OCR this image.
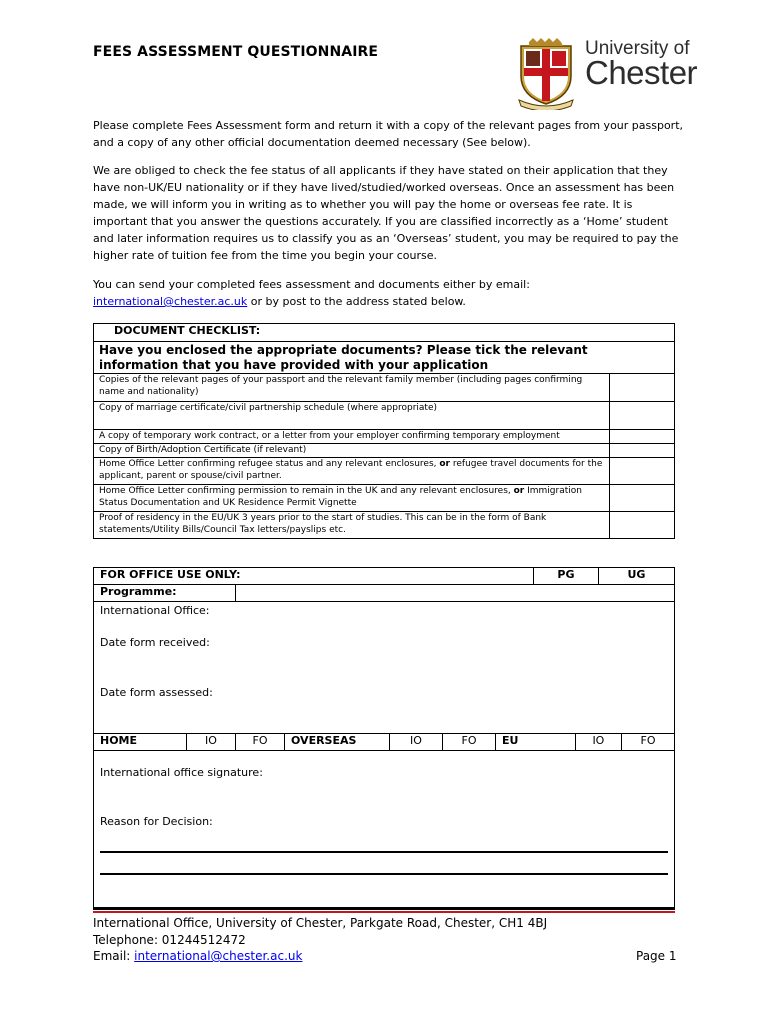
FEES ASSESSMENT QUESTIONNAIRE	University of
Chester
Please complete Fees Assessment form and return it with a copy of the relevant pages from your passport, and a copy of any other official documentation deemed necessary (See below).
We are obliged to check the fee status of all applicants if they have stated on their application that they have non-UK/EU nationality or if they have lived/studied/worked overseas. Once an assessment has been made, we will inform you in writing as to whether you will pay the home or overseas fee rate. It is important that you answer the questions accurately. If you are classified incorrectly as a ‘Home’ student and later information requires us to classify you as an ‘Overseas’ student, you may be required to pay the higher rate of tuition fee from the time you begin your course.
You can send your completed fees assessment and documents either by email: international@chester.ac.uk or by post to the address stated below.
DOCUMENT CHECKLIST:	
Have you enclosed the appropriate documents? Please tick the relevant information that you have provided with your application	
Copies of the relevant pages of your passport and the relevant family member (including pages confirming name and nationality)	
Copy of marriage certificate/civil partnership schedule (where appropriate)	
A copy of temporary work contract, or a letter from your employer confirming temporary employment	
Copy of Birth/Adoption Certificate (if relevant)	
Home Office Letter confirming refugee status and any relevant enclosures, or refugee travel documents for the applicant, parent or spouse/civil partner.	
Home Office Letter confirming permission to remain in the UK and any relevant enclosures, or Immigration Status Documentation and UK Residence Permit Vignette	
Proof of residency in the EU/UK 3 years prior to the start of studies. This can be in the form of Bank statements/Utility Bills/Council Tax letters/payslips etc.	
FOR OFFICE USE ONLY:							PG		UG	
Programme:										

International Office:
Date form received:
______________________________________________________________________
Date form assessed:
______________________________________________________________________										

HOME	IO	FO	OVERSEAS	IO	FO	EU		IO		FO

International office signature:
_________________________________________________________________
Reason for Decision:
______________________________________________________________________										
International Office, University of Chester, Parkgate Road, Chester, CH1 4BJ
Telephone: 01244512472
Email: international@chester.ac.uk	Page 1
